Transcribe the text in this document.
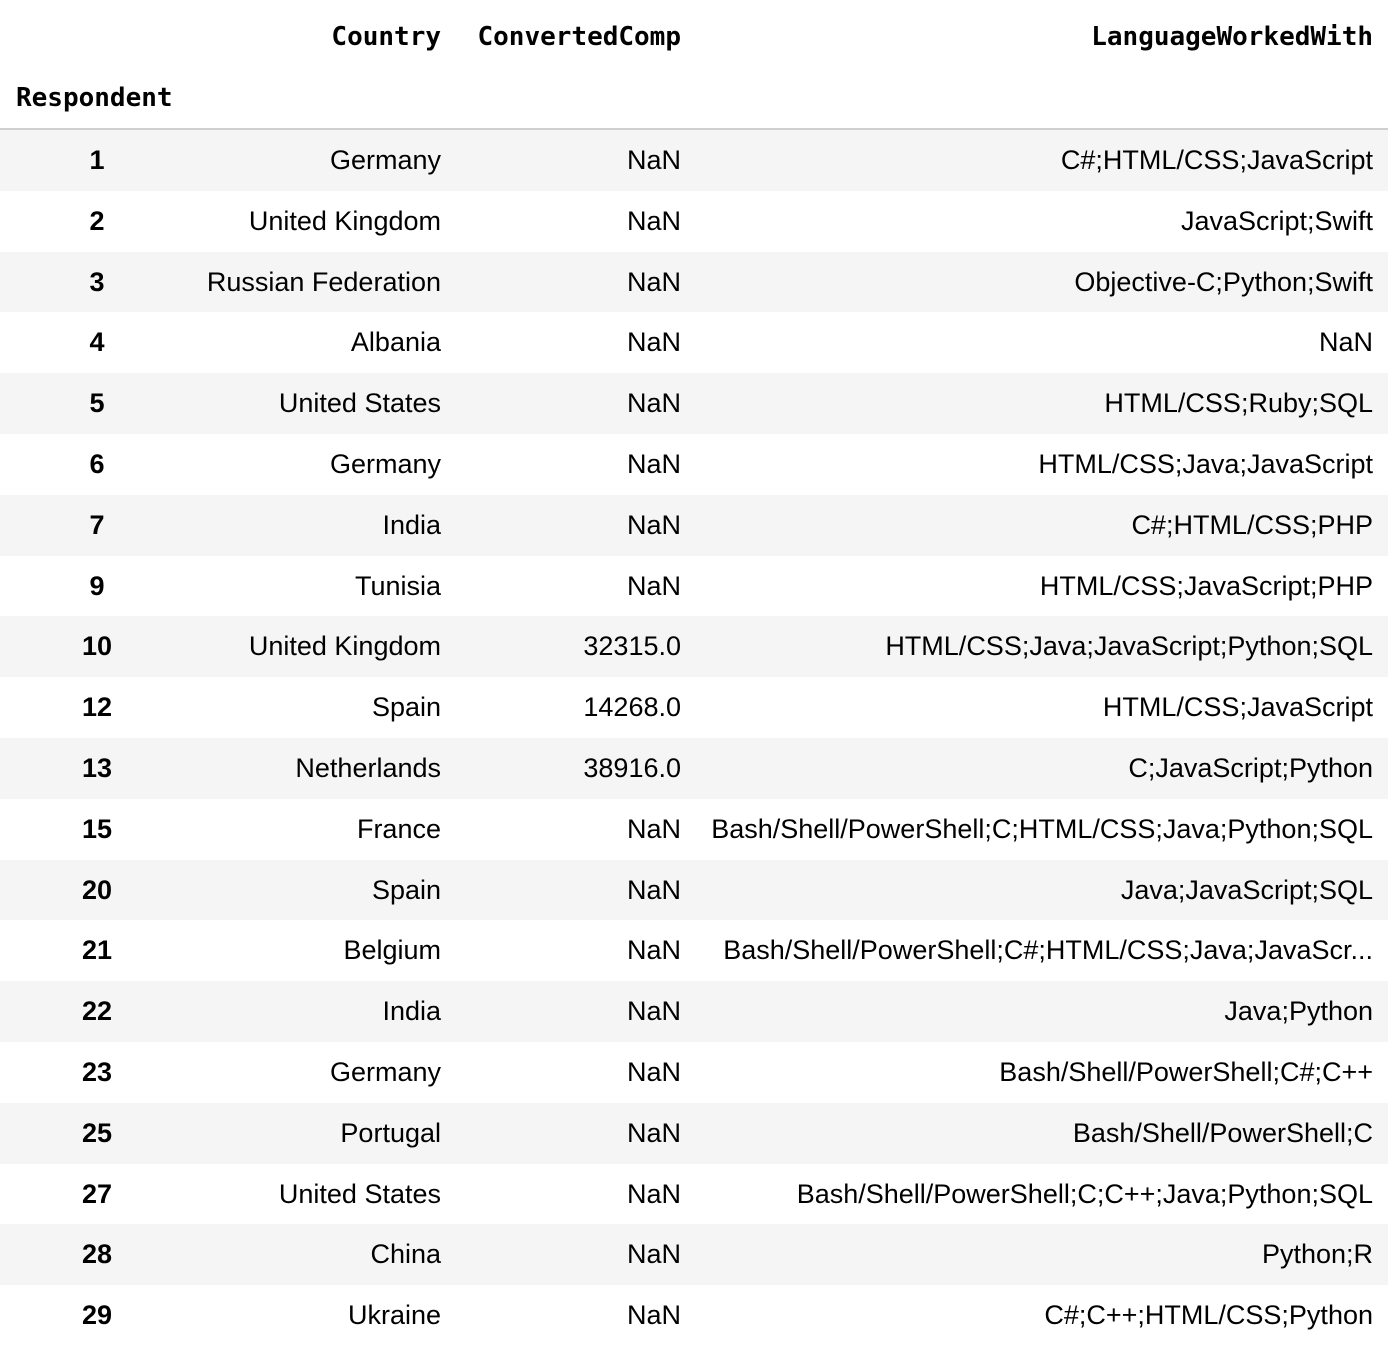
Country ConvertedComp	LanguageWorkedWith
Respondent
1	Germany	NaN	C#;HTML/CSS;JavaScript
2	United Kingdom	NaN	JavaScript;Swift
3	Russian Federation	NaN	Objective-C;Python;Swift
4	Albania	NaN	NaN
5	United States	NaN	HTML/CSS;Ruby;SQL
6	Germany	NaN	HTML/CSS;Java;JavaScript
7	India	NaN	C#;HTML/CSS;PHP
9	Tunisia	NaN	HTML/CSS;JavaScript;PHP
10	United Kingdom	32315.0	HTML/CSS;Java;JavaScript;Python;SQL
12	Spain	14268.0	HTML/CSS;JavaScript
13	Netherlands	38916.0	C;JavaScript;Python
15	France	NaN Bash/Shell/PowerShell;C;HTML/CSS;Java;Python;SQL
20	Spain	NaN	Java;JavaScript;SQL
21	Belgium	NaN Bash/Shell/PowerShell;C#;HTML/CSS;Java;JavaScr...
22	India	NaN	Java;Python
23	Germany	NaN	Bash/Shell/PowerShell;C#;C++
25	Portugal	NaN	Bash/Shell/PowerShell;C
27	United States	NaN	Bash/Shell/PowerShell;C;C++;Java;Python;SQL
28	China	NaN	Python;R
29	Ukraine	NaN	C#;C++;HTML/CSS;Python
